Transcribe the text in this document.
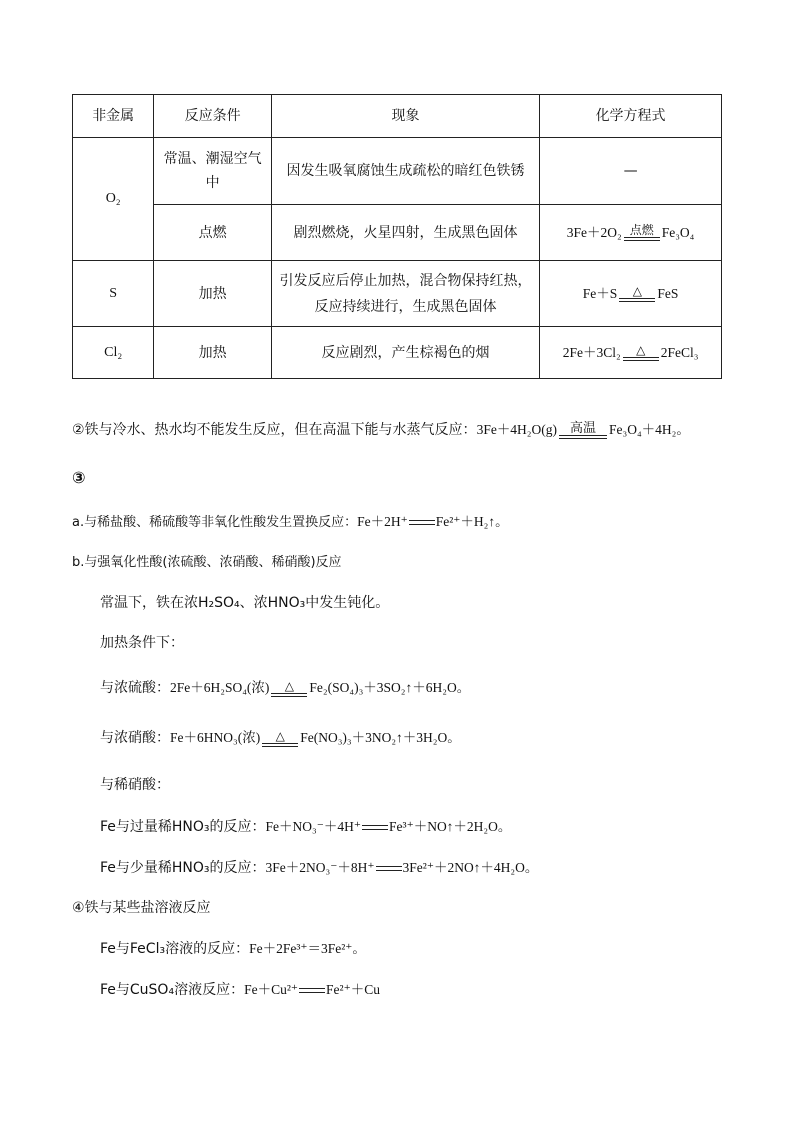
非金属	反应条件	现象	化学方程式
O₂	常温、潮湿空气中	因发生吸氧腐蚀生成疏松的暗红色铁锈	—
	点燃	剧烈燃烧，火星四射，生成黑色固体	3Fe＋2O₂ 点燃 Fe₃O₄
S	加热	引发反应后停止加热，混合物保持红热，反应持续进行，生成黑色固体	Fe＋S △ FeS
Cl₂	加热	反应剧烈，产生棕褐色的烟	2Fe＋3Cl₂ △ 2FeCl₃
②铁与冷水、热水均不能发生反应，但在高温下能与水蒸气反应：3Fe＋4H₂O(g) 高温 Fe₃O₄＋4H₂。
③
a.与稀盐酸、稀硫酸等非氧化性酸发生置换反应：Fe＋2H⁺ Fe²⁺＋H₂↑。
b.与强氧化性酸(浓硫酸、浓硝酸、稀硝酸)反应
常温下，铁在浓H₂SO₄、浓HNO₃中发生钝化。
加热条件下：
与浓硫酸：2Fe＋6H₂SO₄(浓)	△	Fe₂(SO₄)₃＋3SO₂↑＋6H₂O。
与浓硝酸：Fe＋6HNO₃(浓)	△	Fe(NO₃)₃＋3NO₂↑＋3H₂O。
与稀硝酸：
Fe与过量稀HNO₃的反应：Fe＋NO₃⁻＋4H⁺ Fe³⁺＋NO↑＋2H₂O。
Fe与少量稀HNO₃的反应：3Fe＋2NO₃⁻＋8H⁺ 3Fe²⁺＋2NO↑＋4H₂O。
④铁与某些盐溶液反应
Fe与FeCl₃溶液的反应：Fe＋2Fe³⁺＝3Fe²⁺。
Fe与CuSO₄溶液反应：Fe＋Cu²⁺ Fe²⁺＋Cu
